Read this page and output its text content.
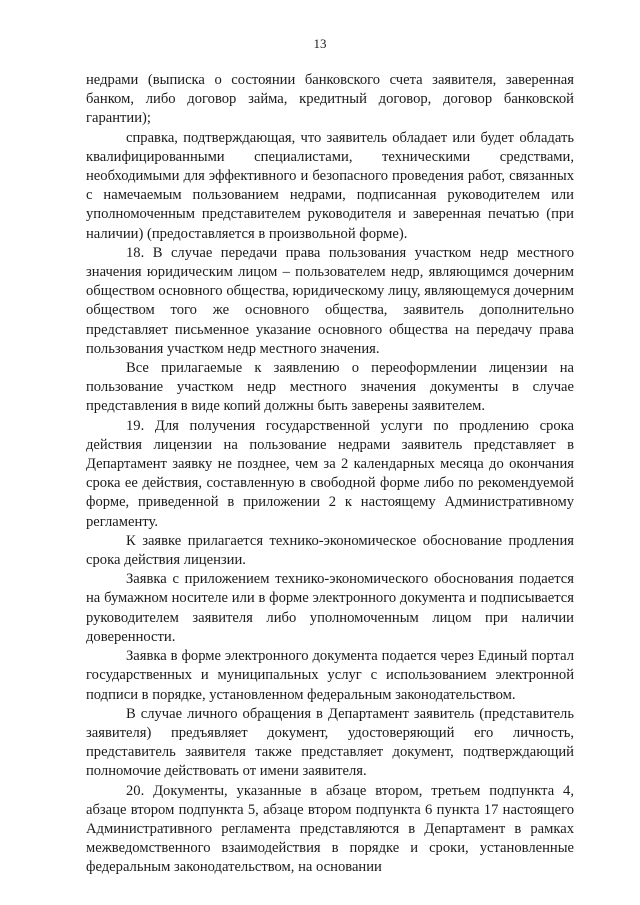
13

недрами (выписка о состоянии банковского счета заявителя, заверенная банком, либо договор займа, кредитный договор, договор банковской гарантии);

справка, подтверждающая, что заявитель обладает или будет обладать квалифицированными специалистами, техническими средствами, необходимыми для эффективного и безопасного проведения работ, связанных с намечаемым пользованием недрами, подписанная руководителем или уполномоченным представителем руководителя и заверенная печатью (при наличии) (предоставляется в произвольной форме).

18. В случае передачи права пользования участком недр местного значения юридическим лицом – пользователем недр, являющимся дочерним обществом основного общества, юридическому лицу, являющемуся дочерним обществом того же основного общества, заявитель дополнительно представляет письменное указание основного общества на передачу права пользования участком недр местного значения.

Все прилагаемые к заявлению о переоформлении лицензии на пользование участком недр местного значения документы в случае представления в виде копий должны быть заверены заявителем.

19. Для получения государственной услуги по продлению срока действия лицензии на пользование недрами заявитель представляет в Департамент заявку не позднее, чем за 2 календарных месяца до окончания срока ее действия, составленную в свободной форме либо по рекомендуемой форме, приведенной в приложении 2 к настоящему Административному регламенту.

К заявке прилагается технико-экономическое обоснование продления срока действия лицензии.

Заявка с приложением технико-экономического обоснования подается на бумажном носителе или в форме электронного документа и подписывается руководителем заявителя либо уполномоченным лицом при наличии доверенности.

Заявка в форме электронного документа подается через Единый портал государственных и муниципальных услуг с использованием электронной подписи в порядке, установленном федеральным законодательством.

В случае личного обращения в Департамент заявитель (представитель заявителя) предъявляет документ, удостоверяющий его личность, представитель заявителя также представляет документ, подтверждающий полномочие действовать от имени заявителя.

20. Документы, указанные в абзаце втором, третьем подпункта 4, абзаце втором подпункта 5, абзаце втором подпункта 6 пункта 17 настоящего Административного регламента представляются в Департамент в рамках межведомственного взаимодействия в порядке и сроки, установленные федеральным законодательством, на основании
